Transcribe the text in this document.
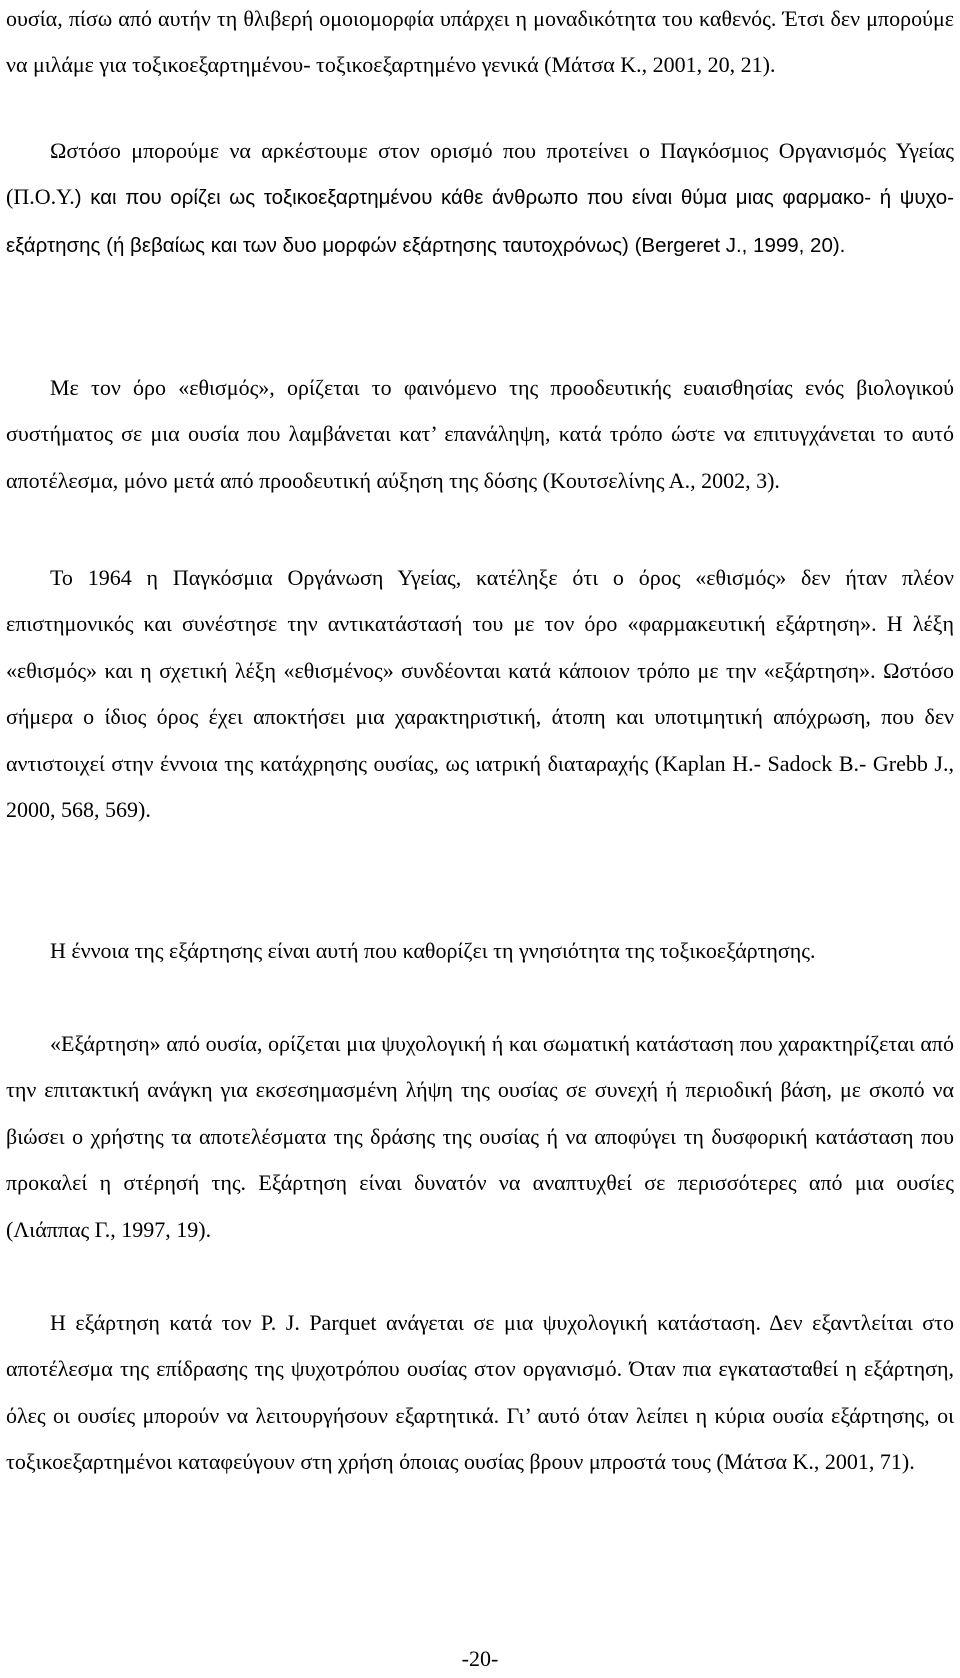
ουσία, πίσω από αυτήν τη θλιβερή ομοιομορφία υπάρχει η μοναδικότητα του καθενός. Έτσι δεν μπορούμε να μιλάμε για τοξικοεξαρτημένου- τοξικοεξαρτημένο γενικά (Μάτσα Κ., 2001, 20, 21).

Ωστόσο μπορούμε να αρκέστουμε στον ορισμό που προτείνει ο Παγκόσμιος Οργανισμός Υγείας (Π.Ο.Υ.) και που ορίζει ως τοξικοεξαρτημένου κάθε άνθρωπο που είναι θύμα μιας φαρμακο- ή ψυχο- εξάρτησης (ή βεβαίως και των δυο μορφών εξάρτησης ταυτοχρόνως) (Bergeret J., 1999, 20).

Με τον όρο «εθισμός», ορίζεται το φαινόμενο της προοδευτικής ευαισθησίας ενός βιολογικού συστήματος σε μια ουσία που λαμβάνεται κατ’ επανάληψη, κατά τρόπο ώστε να επιτυγχάνεται το αυτό αποτέλεσμα, μόνο μετά από προοδευτική αύξηση της δόσης (Κουτσελίνης Α., 2002, 3).

Το 1964 η Παγκόσμια Οργάνωση Υγείας, κατέληξε ότι ο όρος «εθισμός» δεν ήταν πλέον επιστημονικός και συνέστησε την αντικατάστασή του με τον όρο «φαρμακευτική εξάρτηση». Η λέξη «εθισμός» και η σχετική λέξη «εθισμένος» συνδέονται κατά κάποιον τρόπο με την «εξάρτηση». Ωστόσο σήμερα ο ίδιος όρος έχει αποκτήσει μια χαρακτηριστική, άτοπη και υποτιμητική απόχρωση, που δεν αντιστοιχεί στην έννοια της κατάχρησης ουσίας, ως ιατρική διαταραχής (Kaplan H.- Sadock B.- Grebb J., 2000, 568, 569).

Η έννοια της εξάρτησης είναι αυτή που καθορίζει τη γνησιότητα της τοξικοεξάρτησης.

«Εξάρτηση» από ουσία, ορίζεται μια ψυχολογική ή και σωματική κατάσταση που χαρακτηρίζεται από την επιτακτική ανάγκη για εκσεσημασμένη λήψη της ουσίας σε συνεχή ή περιοδική βάση, με σκοπό να βιώσει ο χρήστης τα αποτελέσματα της δράσης της ουσίας ή να αποφύγει τη δυσφορική κατάσταση που προκαλεί η στέρησή της. Εξάρτηση είναι δυνατόν να αναπτυχθεί σε περισσότερες από μια ουσίες (Λιάππας Γ., 1997, 19).

Η εξάρτηση κατά τον Ρ. J. Parquet ανάγεται σε μια ψυχολογική κατάσταση. Δεν εξαντλείται στο αποτέλεσμα της επίδρασης της ψυχοτρόπου ουσίας στον οργανισμό. Όταν πια εγκατασταθεί η εξάρτηση, όλες οι ουσίες μπορούν να λειτουργήσουν εξαρτητικά. Γι’ αυτό όταν λείπει η κύρια ουσία εξάρτησης, οι τοξικοεξαρτημένοι καταφεύγουν στη χρήση όποιας ουσίας βρουν μπροστά τους (Μάτσα Κ., 2001, 71).

-20-
